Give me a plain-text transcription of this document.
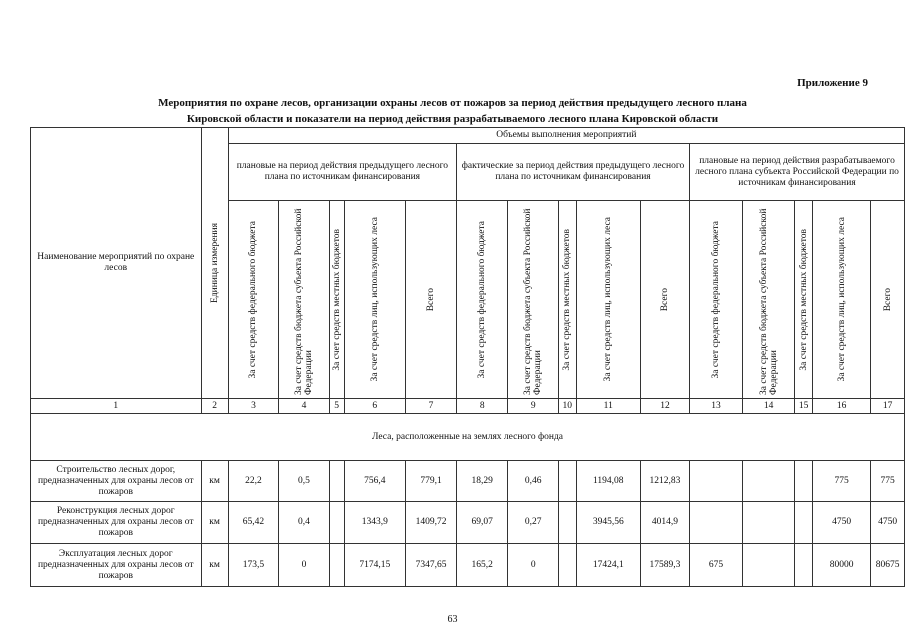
Приложение 9
Мероприятия по охране лесов, организации охраны лесов от пожаров за период действия предыдущего лесного плана
Кировской области и показатели на период действия разрабатываемого лесного плана Кировской области
Наименование мероприятий по охране лесов	Единица измерения	Объемы выполнения мероприятий														
		плановые на период действия предыдущего лесного плана по источникам финансирования					фактические за период действия предыдущего лесного плана по источникам финансирования					плановые на период действия разрабатываемого лесного плана субъекта Российской Федерации по источникам финансирования				

		За счет средств федерального бюджета	За счет средств бюджета субъекта Российской Федерации	За счет средств местных бюджетов	За счет средств лиц, использующих леса	Всего	За счет средств федерального бюджета	За счет средств бюджета субъекта Российской Федерации	За счет средств местных бюджетов	За счет средств лиц, использующих леса	Всего	За счет средств федерального бюджета	За счет средств бюджета субъекта Российской Федерации	За счет средств местных бюджетов	За счет средств лиц, использующих леса	Всего

1	2	3	4	5	6	7	8	9	10	11	12	13	14	15	16	17
Леса, расположенные на землях лесного фонда																
Строительство лесных дорог, предназначенных для охраны лесов от пожаров	км	22,2	0,5		756,4	779,1	18,29	0,46		1194,08	1212,83				775	775
Реконструкция лесных дорог предназначенных для охраны лесов от пожаров	км	65,42	0,4		1343,9	1409,72	69,07	0,27		3945,56	4014,9				4750	4750
Эксплуатация лесных дорог предназначенных для охраны лесов от пожаров	км	173,5	0		7174,15	7347,65	165,2	0		17424,1	17589,3	675			80000	80675
63
